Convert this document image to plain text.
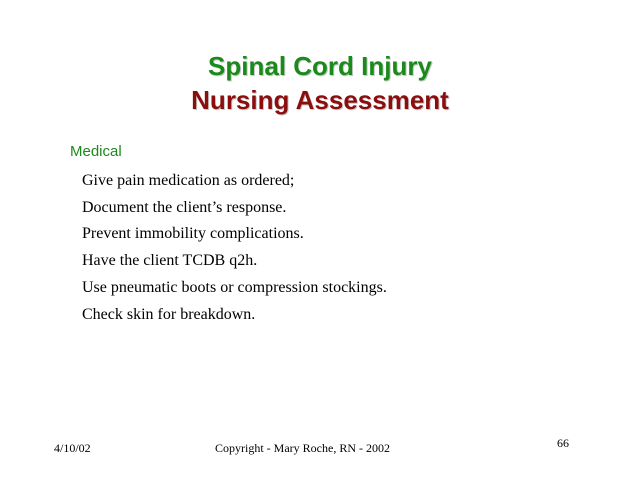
Spinal Cord Injury
Nursing Assessment
Medical
Give pain medication as ordered;
Document the client’s response.
Prevent immobility complications.
Have the client TCDB q2h.
Use pneumatic boots or compression stockings.
Check skin for breakdown.
4/10/02	Copyright - Mary Roche, RN - 2002	66
